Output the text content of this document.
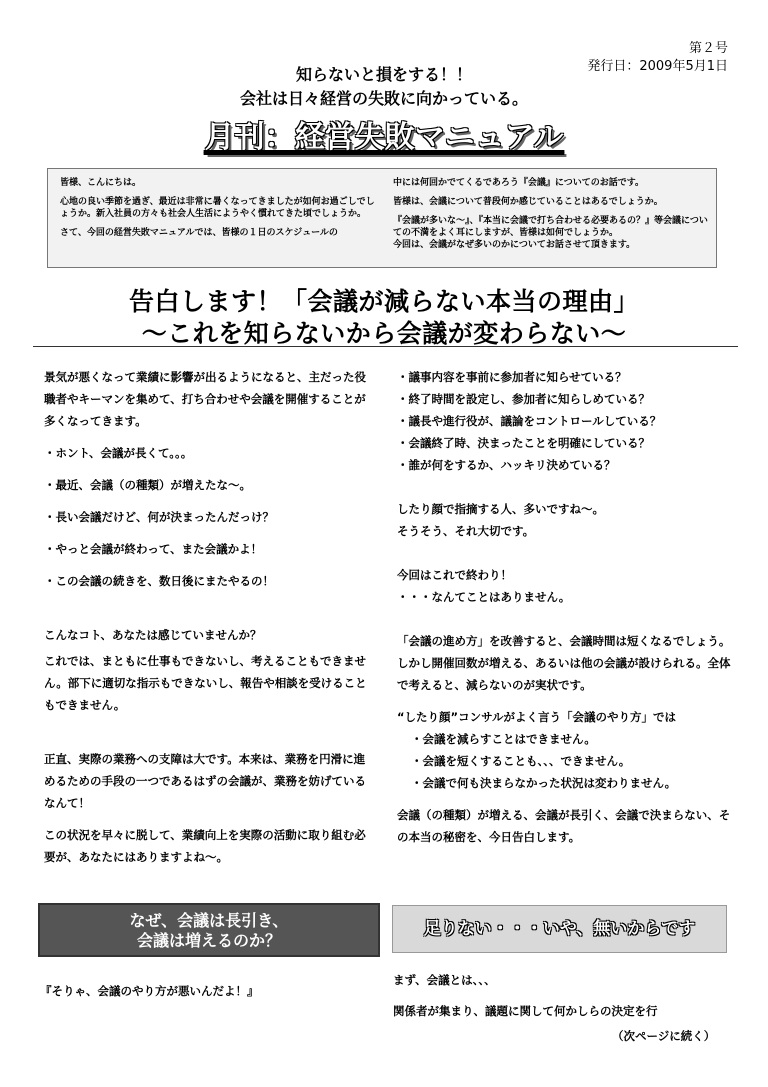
第２号
発行日：2009年5月1日
知らないと損をする！！
会社は日々経営の失敗に向かっている。
月刊：経営失敗マニュアル

皆様、こんにちは。

心地の良い季節を過ぎ、最近は非常に暑くなってきましたが如何お過ごしでしょうか。新入社員の方々も社会人生活にようやく慣れてきた頃でしょうか。

さて、今回の経営失敗マニュアルでは、皆様の１日のスケジュールの

中には何回かでてくるであろう『会議』についてのお話です。

皆様は、会議について普段何か感じていることはあるでしょうか。

『会議が多いな～』、『本当に会議で打ち合わせる必要あるの？』等会議についての不満をよく耳にしますが、皆様は如何でしょうか。

今回は、会議がなぜ多いのかについてお話させて頂きます。

告白します！「会議が減らない本当の理由」
～これを知らないから会議が変わらない～

景気が悪くなって業績に影響が出るようになると、主だった役職者やキーマンを集めて、打ち合わせや会議を開催することが多くなってきます。

・ホント、会議が長くて。。。

・最近、会議（の種類）が増えたな～。

・長い会議だけど、何が決まったんだっけ？

・やっと会議が終わって、また会議かよ！

・この会議の続きを、数日後にまたやるの！

こんなコト、あなたは感じていませんか？

これでは、まともに仕事もできないし、考えることもできません。部下に適切な指示もできないし、報告や相談を受けることもできません。

正直、実際の業務への支障は大です。本来は、業務を円滑に進めるための手段の一つであるはずの会議が、業務を妨げているなんて！

この状況を早々に脱して、業績向上を実際の活動に取り組む必要が、あなたにはありますよね～。

・議事内容を事前に参加者に知らせている？

・終了時間を設定し、参加者に知らしめている？

・議長や進行役が、議論をコントロールしている？

・会議終了時、決まったことを明確にしている？

・誰が何をするか、ハッキリ決めている？

したり顔で指摘する人、多いですね～。

そうそう、それ大切です。

今回はこれで終わり！

・・・なんてことはありません。

「会議の進め方」を改善すると、会議時間は短くなるでしょう。しかし開催回数が増える、あるいは他の会議が設けられる。全体で考えると、減らないのが実状です。

“したり顔”コンサルがよく言う「会議のやり方」では

・会議を減らすことはできません。

・会議を短くすることも、、、できません。

・会議で何も決まらなかった状況は変わりません。

会議（の種類）が増える、会議が長引く、会議で決まらない、その本当の秘密を、今日告白します。

なぜ、会議は長引き、
会議は増えるのか？
足りない・・・いや、無いからです
『そりゃ、会議のやり方が悪いんだよ！』
まず、会議とは、、、
関係者が集まり、議題に関して何かしらの決定を行
（次ページに続く）
